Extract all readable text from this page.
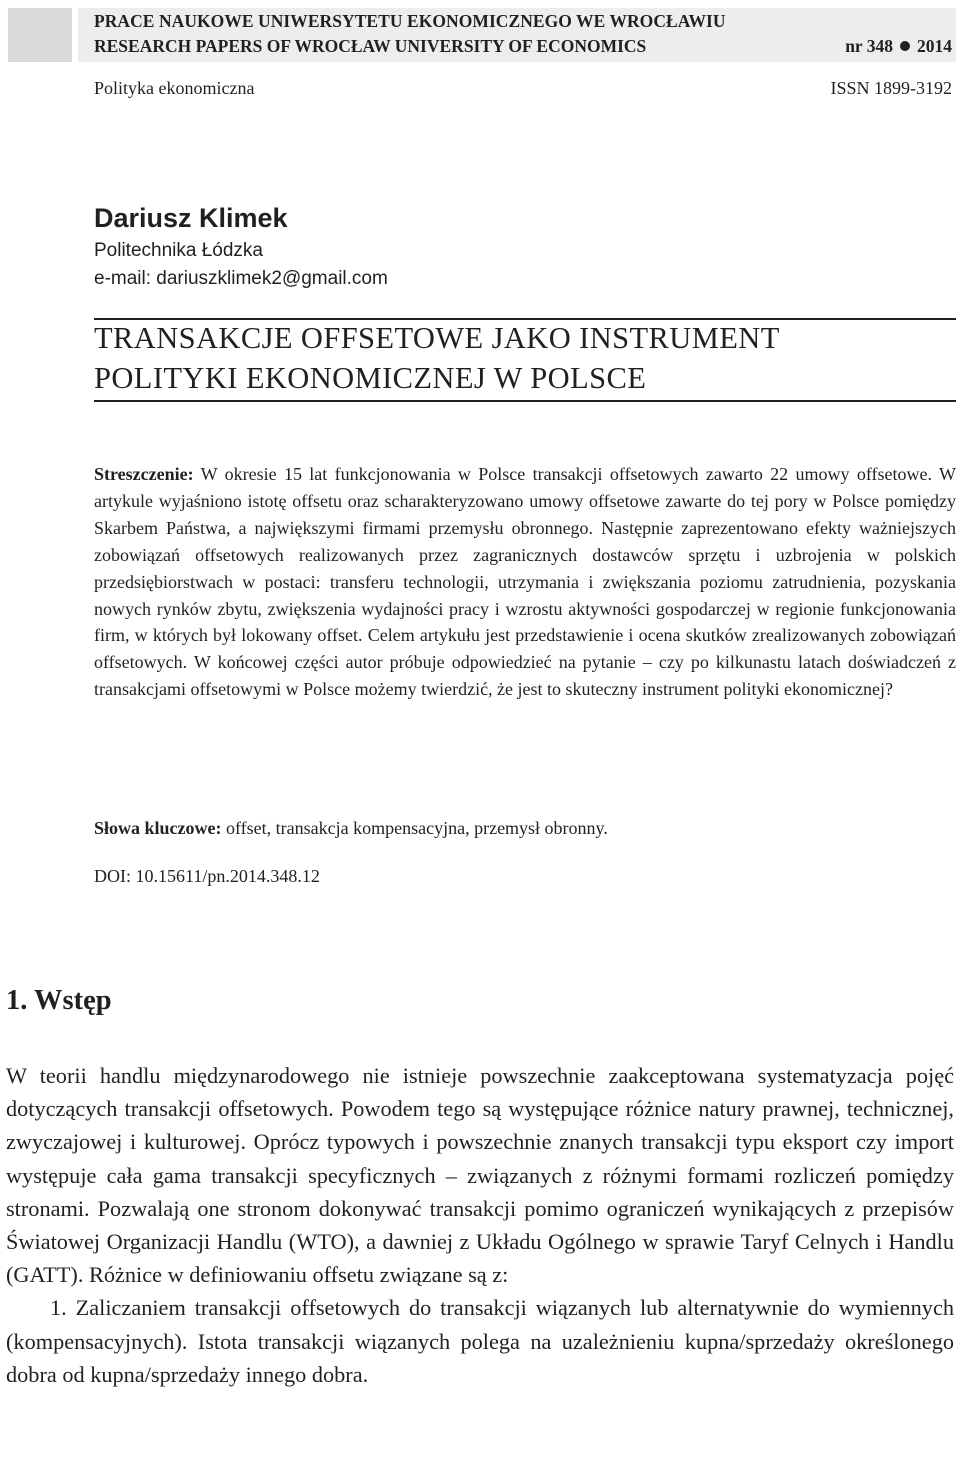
PRACE NAUKOWE UNIWERSYTETU EKONOMICZNEGO WE WROCŁAWIU
RESEARCH PAPERS OF WROCŁAW UNIVERSITY OF ECONOMICS	nr 348 2014
Polityka ekonomiczna	ISSN 1899-3192
Dariusz Klimek
Politechnika Łódzka
e-mail: dariuszklimek2@gmail.com
TRANSAKCJE OFFSETOWE JAKO INSTRUMENT
POLITYKI EKONOMICZNEJ W POLSCE
Streszczenie: W okresie 15 lat funkcjonowania w Polsce transakcji offsetowych zawarto 22 umowy offsetowe. W artykule wyjaśniono istotę offsetu oraz scharakteryzowano umowy offsetowe zawarte do tej pory w Polsce pomiędzy Skarbem Państwa, a największymi firmami przemysłu obronnego. Następnie zaprezentowano efekty ważniejszych zobowiązań offsetowych realizowanych przez zagranicznych dostawców sprzętu i uzbrojenia w polskich przedsiębiorstwach w postaci: transferu technologii, utrzymania i zwiększania poziomu zatrudnienia, pozyskania nowych rynków zbytu, zwiększenia wydajności pracy i wzrostu aktywności gospodarczej w regionie funkcjonowania firm, w których był lokowany offset. Celem artykułu jest przedstawienie i ocena skutków zrealizowanych zobowiązań offsetowych. W końcowej części autor próbuje odpowiedzieć na pytanie – czy po kilkunastu latach doświadczeń z transakcjami offsetowymi w Polsce możemy twierdzić, że jest to skuteczny instrument polityki ekonomicznej?
Słowa kluczowe: offset, transakcja kompensacyjna, przemysł obronny.
DOI: 10.15611/pn.2014.348.12
1. Wstęp

W teorii handlu międzynarodowego nie istnieje powszechnie zaakceptowana systematyzacja pojęć dotyczących transakcji offsetowych. Powodem tego są występujące różnice natury prawnej, technicznej, zwyczajowej i kulturowej. Oprócz typowych i powszechnie znanych transakcji typu eksport czy import występuje cała gama transakcji specyficznych – związanych z różnymi formami rozliczeń pomiędzy stronami. Pozwalają one stronom dokonywać transakcji pomimo ograniczeń wynikających z przepisów Światowej Organizacji Handlu (WTO), a dawniej z Układu Ogólnego w sprawie Taryf Celnych i Handlu (GATT). Różnice w definiowaniu offsetu związane są z:

1. Zaliczaniem transakcji offsetowych do transakcji wiązanych lub alternatywnie do wymiennych (kompensacyjnych). Istota transakcji wiązanych polega na uzależnieniu kupna/sprzedaży określonego dobra od kupna/sprzedaży innego dobra.
